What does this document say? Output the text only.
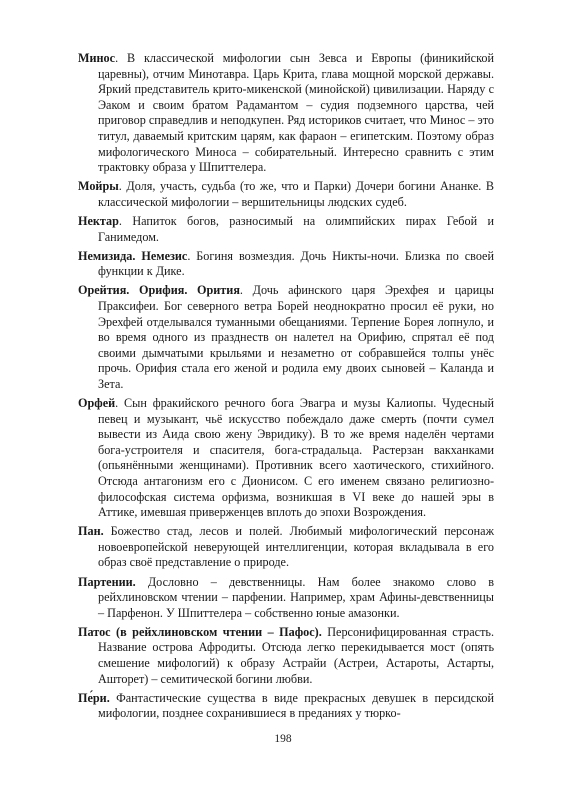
Минос. В классической мифологии сын Зевса и Европы (финикийской царевны), отчим Минотавра. Царь Крита, глава мощной морской державы. Яркий представитель крито-микенской (минойской) цивилизации. Наряду с Эаком и своим братом Радамантом – судия подземного царства, чей приговор справедлив и неподкупен. Ряд историков считает, что Минос – это титул, даваемый критским царям, как фараон – египетским. Поэтому образ мифологического Миноса – собирательный. Интересно сравнить с этим трактовку образа у Шпиттелера.

Мойры. Доля, участь, судьба (то же, что и Парки) Дочери богини Ананке. В классической мифологии – вершительницы людских судеб.

Нектар. Напиток богов, разносимый на олимпийских пирах Гебой и Ганимедом.

Немизида. Немезис. Богиня возмездия. Дочь Никты-ночи. Близка по своей функции к Дике.

Орейтия. Орифия. Орития. Дочь афинского царя Эрехфея и царицы Праксифеи. Бог северного ветра Борей неоднократно просил её руки, но Эрехфей отделывался туманными обещаниями. Терпение Борея лопнуло, и во время одного из празднеств он налетел на Орифию, спрятал её под своими дымчатыми крыльями и незаметно от собравшейся толпы унёс прочь. Орифия стала его женой и родила ему двоих сыновей – Каланда и Зета.

Орфей. Сын фракийского речного бога Эвагра и музы Калиопы. Чудесный певец и музыкант, чьё искусство побеждало даже смерть (почти сумел вывести из Аида свою жену Эвридику). В то же время наделён чертами бога-устроителя и спасителя, бога-страдальца. Растерзан вакханками (опьянёнными женщинами). Противник всего хаотического, стихийного. Отсюда антагонизм его с Дионисом. С его именем связано религиозно-философская система орфизма, возникшая в VI веке до нашей эры в Аттике, имевшая приверженцев вплоть до эпохи Возрождения.

Пан. Божество стад, лесов и полей. Любимый мифологический персонаж новоевропейской неверующей интеллигенции, которая вкладывала в его образ своё представление о природе.

Партении. Дословно – девственницы. Нам более знакомо слово в рейхлиновском чтении – парфении. Например, храм Афины-девственницы – Парфенон. У Шпиттелера – собственно юные амазонки.

Патос (в рейхлиновском чтении – Пафос). Персонифицированная страсть. Название острова Афродиты. Отсюда легко перекидывается мост (опять смешение мифологий) к образу Астрайи (Астреи, Астароты, Астарты, Ашторет) – семитической богини любви.

Пе́ри. Фантастические существа в виде прекрасных девушек в персидской мифологии, позднее сохранившиеся в преданиях у тюрко-

198
